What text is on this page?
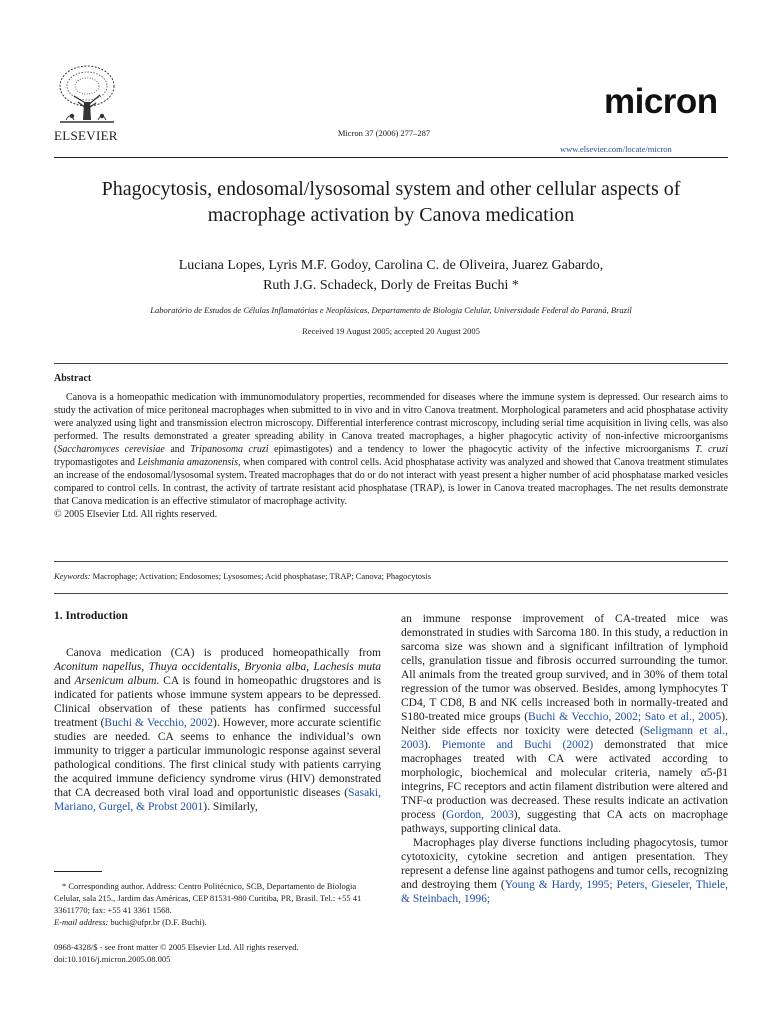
ELSEVIER	Micron 37 (2006) 277–287
micron
www.elsevier.com/locate/micron
Phagocytosis, endosomal/lysosomal system and other cellular aspects of macrophage activation by Canova medication
Luciana Lopes, Lyris M.F. Godoy, Carolina C. de Oliveira, Juarez Gabardo,
Ruth J.G. Schadeck, Dorly de Freitas Buchi *
Laboratório de Estudos de Células Inflamatórias e Neoplásicas, Departamento de Biologia Celular, Universidade Federal do Paraná, Brazil
Received 19 August 2005; accepted 20 August 2005
Abstract
Canova is a homeopathic medication with immunomodulatory properties, recommended for diseases where the immune system is depressed. Our research aims to study the activation of mice peritoneal macrophages when submitted to in vivo and in vitro Canova treatment. Morphological parameters and acid phosphatase activity were analyzed using light and transmission electron microscopy. Differential interference contrast microscopy, including serial time acquisition in living cells, was also performed. The results demonstrated a greater spreading ability in Canova treated macrophages, a higher phagocytic activity of non-infective microorganisms (Saccharomyces cerevisiae and Tripanosoma cruzi epimastigotes) and a tendency to lower the phagocytic activity of the infective microorganisms T. cruzi trypomastigotes and Leishmania amazonensis, when compared with control cells. Acid phosphatase activity was analyzed and showed that Canova treatment stimulates an increase of the endosomal/lysosomal system. Treated macrophages that do or do not interact with yeast present a higher number of acid phosphatase marked vesicles compared to control cells. In contrast, the activity of tartrate resistant acid phosphatase (TRAP), is lower in Canova treated macrophages. The net results demonstrate that Canova medication is an effective stimulator of macrophage activity.
© 2005 Elsevier Ltd. All rights reserved.
Keywords: Macrophage; Activation; Endosomes; Lysosomes; Acid phosphatase; TRAP; Canova; Phagocytosis
1. Introduction
Canova medication (CA) is produced homeopathically from Aconitum napellus, Thuya occidentalis, Bryonia alba, Lachesis muta and Arsenicum album. CA is found in homeopathic drugstores and is indicated for patients whose immune system appears to be depressed. Clinical observation of these patients has confirmed successful treatment (Buchi & Vecchio, 2002). However, more accurate scientific studies are needed. CA seems to enhance the individual’s own immunity to trigger a particular immunologic response against several pathological conditions. The first clinical study with patients carrying the acquired immune deficiency syndrome virus (HIV) demonstrated that CA decreased both viral load and opportunistic diseases (Sasaki, Mariano, Gurgel, & Probst 2001). Similarly,
an immune response improvement of CA-treated mice was demonstrated in studies with Sarcoma 180. In this study, a reduction in sarcoma size was shown and a significant infiltration of lymphoid cells, granulation tissue and fibrosis occurred surrounding the tumor. All animals from the treated group survived, and in 30% of them total regression of the tumor was observed. Besides, among lymphocytes T CD4, T CD8, B and NK cells increased both in normally-treated and S180-treated mice groups (Buchi & Vecchio, 2002; Sato et al., 2005). Neither side effects nor toxicity were detected (Seligmann et al., 2003). Piemonte and Buchi (2002) demonstrated that mice macrophages treated with CA were activated according to morphologic, biochemical and molecular criteria, namely α5-β1 integrins, FC receptors and actin filament distribution were altered and TNF-α production was decreased. These results indicate an activation process (Gordon, 2003), suggesting that CA acts on macrophage pathways, supporting clinical data.
Macrophages play diverse functions including phagocytosis, tumor cytotoxicity, cytokine secretion and antigen presentation. They represent a defense line against pathogens and tumor cells, recognizing and destroying them (Young & Hardy, 1995; Peters, Gieseler, Thiele, & Steinbach, 1996;
* Corresponding author. Address: Centro Politécnico, SCB, Departamento de Biologia Celular, sala 215., Jardim das Américas, CEP 81531-980 Curitiba, PR, Brasil. Tel.: +55 41 33611770; fax: +55 41 3361 1568.
E-mail address: buchi@ufpr.br (D.F. Buchi).
0968-4328/$ - see front matter © 2005 Elsevier Ltd. All rights reserved.
doi:10.1016/j.micron.2005.08.005
